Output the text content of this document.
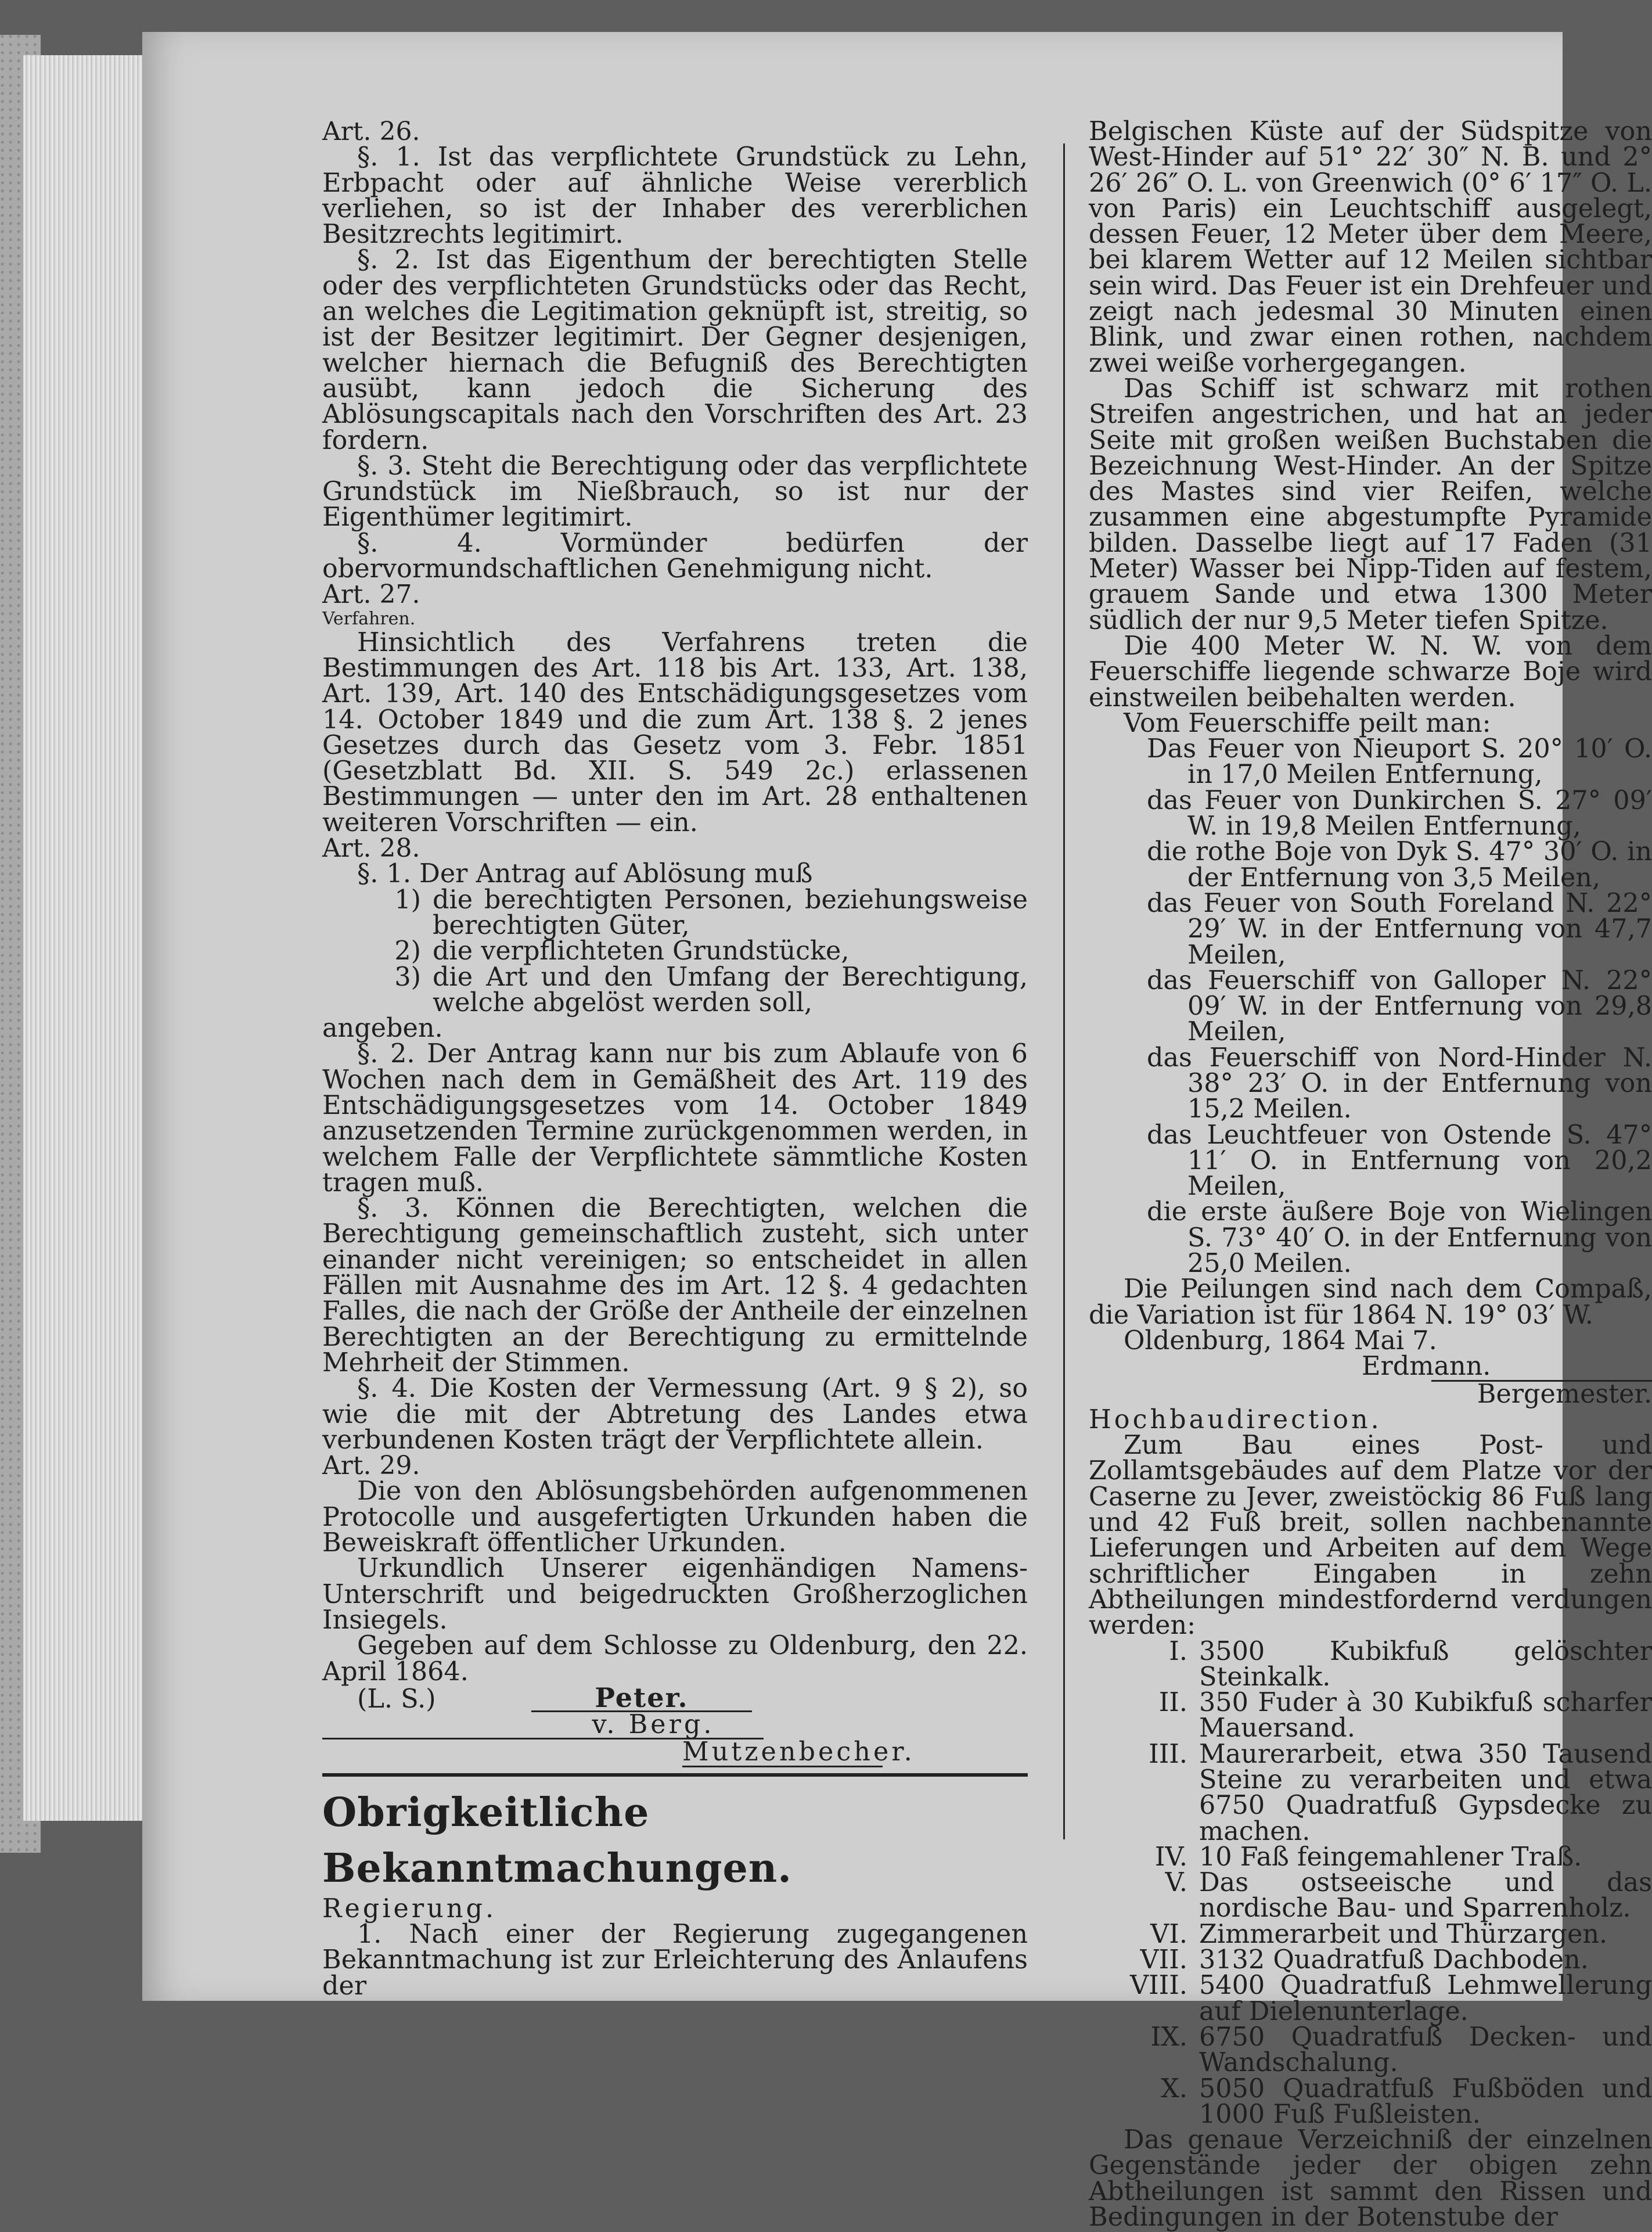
Art. 26.

§. 1. Ist das verpflichtete Grundstück zu Lehn, Erbpacht oder auf ähnliche Weise vererblich verliehen, so ist der Inhaber des vererblichen Besitzrechts legitimirt.

§. 2. Ist das Eigenthum der berechtigten Stelle oder des verpflichteten Grundstücks oder das Recht, an welches die Legitimation geknüpft ist, streitig, so ist der Besitzer legitimirt. Der Gegner desjenigen, welcher hiernach die Befugniß des Berechtigten ausübt, kann jedoch die Sicherung des Ablösungscapitals nach den Vorschriften des Art. 23 fordern.

§. 3. Steht die Berechtigung oder das verpflichtete Grundstück im Nießbrauch, so ist nur der Eigenthümer legitimirt.

§. 4. Vormünder bedürfen der obervormundschaftlichen Genehmigung nicht.

Art. 27.

Verfahren.

Hinsichtlich des Verfahrens treten die Bestimmungen des Art. 118 bis Art. 133, Art. 138, Art. 139, Art. 140 des Entschädigungsgesetzes vom 14. October 1849 und die zum Art. 138 §. 2 jenes Gesetzes durch das Gesetz vom 3. Febr. 1851 (Gesetzblatt Bd. XII. S. 549 2c.) erlassenen Bestimmungen — unter den im Art. 28 enthaltenen weiteren Vorschriften — ein.

Art. 28.

§. 1. Der Antrag auf Ablösung muß

1) die berechtigten Personen, beziehungsweise berechtigten Güter,
2) die verpflichteten Grundstücke,
3) die Art und den Umfang der Berechtigung, welche abgelöst werden soll,

angeben.

§. 2. Der Antrag kann nur bis zum Ablaufe von 6 Wochen nach dem in Gemäßheit des Art. 119 des Entschädigungsgesetzes vom 14. October 1849 anzusetzenden Termine zurückgenommen werden, in welchem Falle der Verpflichtete sämmtliche Kosten tragen muß.

§. 3. Können die Berechtigten, welchen die Berechtigung gemeinschaftlich zusteht, sich unter einander nicht vereinigen; so entscheidet in allen Fällen mit Ausnahme des im Art. 12 §. 4 gedachten Falles, die nach der Größe der Antheile der einzelnen Berechtigten an der Berechtigung zu ermittelnde Mehrheit der Stimmen.

§. 4. Die Kosten der Vermessung (Art. 9 § 2), so wie die mit der Abtretung des Landes etwa verbundenen Kosten trägt der Verpflichtete allein.

Art. 29.

Die von den Ablösungsbehörden aufgenommenen Protocolle und ausgefertigten Urkunden haben die Beweiskraft öffentlicher Urkunden.

Urkundlich Unserer eigenhändigen Namens-Unterschrift und beigedruckten Großherzoglichen Insiegels.

Gegeben auf dem Schlosse zu Oldenburg, den 22. April 1864.

(L. S.)	Peter.
v. Berg.
Mutzenbecher.

Obrigkeitliche Bekanntmachungen.

Regierung.

1. Nach einer der Regierung zugegangenen Bekanntmachung ist zur Erleichterung des Anlaufens der

Belgischen Küste auf der Südspitze von West-Hinder auf 51° 22′ 30″ N. B. und 2° 26′ 26″ O. L. von Greenwich (0° 6′ 17″ O. L. von Paris) ein Leuchtschiff ausgelegt, dessen Feuer, 12 Meter über dem Meere, bei klarem Wetter auf 12 Meilen sichtbar sein wird. Das Feuer ist ein Drehfeuer und zeigt nach jedesmal 30 Minuten einen Blink, und zwar einen rothen, nachdem zwei weiße vorhergegangen.

Das Schiff ist schwarz mit rothen Streifen angestrichen, und hat an jeder Seite mit großen weißen Buchstaben die Bezeichnung West-Hinder. An der Spitze des Mastes sind vier Reifen, welche zusammen eine abgestumpfte Pyramide bilden. Dasselbe liegt auf 17 Faden (31 Meter) Wasser bei Nipp-Tiden auf festem, grauem Sande und etwa 1300 Meter südlich der nur 9,5 Meter tiefen Spitze.

Die 400 Meter W. N. W. von dem Feuerschiffe liegende schwarze Boje wird einstweilen beibehalten werden.

Vom Feuerschiffe peilt man:

Das Feuer von Nieuport S. 20° 10′ O. in 17,0 Meilen Entfernung,

das Feuer von Dunkirchen S. 27° 09′ W. in 19,8 Meilen Entfernung,

die rothe Boje von Dyk S. 47° 30′ O. in der Entfernung von 3,5 Meilen,

das Feuer von South Foreland N. 22° 29′ W. in der Entfernung von 47,7 Meilen,

das Feuerschiff von Galloper N. 22° 09′ W. in der Entfernung von 29,8 Meilen,

das Feuerschiff von Nord-Hinder N. 38° 23′ O. in der Entfernung von 15,2 Meilen.

das Leuchtfeuer von Ostende S. 47° 11′ O. in Entfernung von 20,2 Meilen,

die erste äußere Boje von Wielingen S. 73° 40′ O. in der Entfernung von 25,0 Meilen.

Die Peilungen sind nach dem Compaß, die Variation ist für 1864 N. 19° 03′ W.

Oldenburg, 1864 Mai 7.

Erdmann.

Bergemester.

Hochbaudirection.

Zum Bau eines Post- und Zollamtsgebäudes auf dem Platze vor der Caserne zu Jever, zweistöckig 86 Fuß lang und 42 Fuß breit, sollen nachbenannte Lieferungen und Arbeiten auf dem Wege schriftlicher Eingaben in zehn Abtheilungen mindestfordernd verdungen werden:

I. 3500 Kubikfuß gelöschter Steinkalk.
II. 350 Fuder à 30 Kubikfuß scharfer Mauersand.
III. Maurerarbeit, etwa 350 Tausend Steine zu verarbeiten und etwa 6750 Quadratfuß Gypsdecke zu machen.
IV. 10 Faß feingemahlener Traß.
V. Das ostseeische und das nordische Bau- und Sparrenholz.
VI. Zimmerarbeit und Thürzargen.
VII. 3132 Quadratfuß Dachboden.
VIII. 5400 Quadratfuß Lehmwellerung auf Dielenunterlage.
IX. 6750 Quadratfuß Decken- und Wandschalung.
X. 5050 Quadratfuß Fußböden und 1000 Fuß Fußleisten.

Das genaue Verzeichniß der einzelnen Gegenstände jeder der obigen zehn Abtheilungen ist sammt den Rissen und Bedingungen in der Botenstube der
